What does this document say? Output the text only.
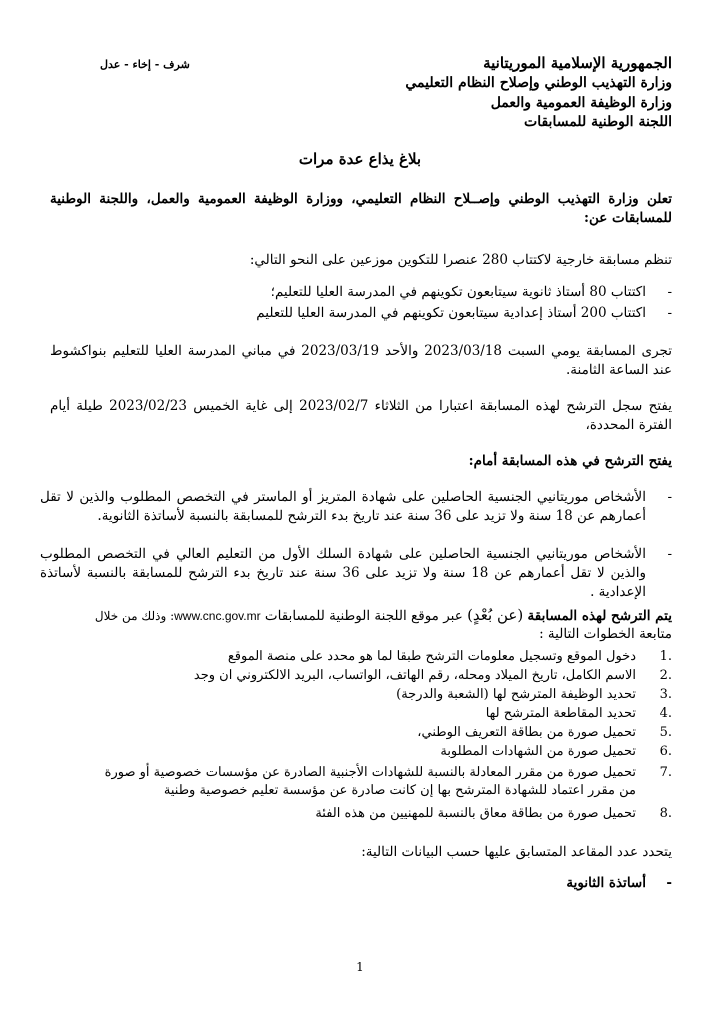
الجمهورية الإسلامية الموريتانية
وزارة التهذيب الوطني وإصلاح النظام التعليمي
وزارة الوظيفة العمومية والعمل
اللجنة الوطنية للمسابقات
شرف - إخاء - عدل
بلاغ يذاع عدة مرات
تعلن وزارة التهذيب الوطني وإصــلاح النظام التعليمي، ووزارة الوظيفة العمومية والعمل، واللجنة الوطنية للمسابقات عن:
تنظم مسابقة خارجية لاكتتاب 280 عنصرا للتكوين موزعين على النحو التالي:
-
اكتتاب 80 أستاذ ثانوية سيتابعون تكوينهم في المدرسة العليا للتعليم؛
-
اكتتاب 200 أستاذ إعدادية سيتابعون تكوينهم في المدرسة العليا للتعليم
تجرى المسابقة يومي السبت 2023/03/18 والأحد 2023/03/19 في مباني المدرسة العليا للتعليم بنواكشوط عند الساعة الثامنة.
يفتح سجل الترشح لهذه المسابقة اعتبارا من الثلاثاء 2023/02/7 إلى غاية الخميس 2023/02/23 طيلة أيام الفترة المحددة،
يفتح الترشح في هذه المسابقة أمام:
-
الأشخاص موريتانيي الجنسية الحاصلين على شهادة المتريز أو الماستر في التخصص المطلوب والذين لا تقل أعمارهم عن 18 سنة ولا تزيد على 36 سنة عند تاريخ بدء الترشح للمسابقة بالنسبة لأساتذة الثانوية.
-
الأشخاص موريتانيي الجنسية الحاصلين على شهادة السلك الأول من التعليم العالي في التخصص المطلوب والذين لا تقل أعمارهم عن 18 سنة ولا تزيد على 36 سنة عند تاريخ بدء الترشح للمسابقة بالنسبة لأساتذة الإعدادية .
يتم الترشح لهذه المسابقة (عن بُعْدٍ) عبر موقع اللجنة الوطنية للمسابقات www.cnc.gov.mr: وذلك من خلال
متابعة الخطوات التالية :
.1
دخول الموقع وتسجيل معلومات الترشح طبقا لما هو محدد على منصة الموقع
.2
الاسم الكامل، تاريخ الميلاد ومحله، رقم الهاتف، الواتساب، البريد الالكتروني ان وجد
.3
تحديد الوظيفة المترشح لها (الشعبة والدرجة)
.4
تحديد المقاطعة المترشح لها
.5
تحميل صورة من بطاقة التعريف الوطني،
.6
تحميل صورة من الشهادات المطلوبة
.7
تحميل صورة من مقرر المعادلة بالنسبة للشهادات الأجنبية الصادرة عن مؤسسات خصوصية أو صورة
من مقرر اعتماد للشهادة المترشح بها إن كانت صادرة عن مؤسسة تعليم خصوصية وطنية
.8
تحميل صورة من بطاقة معاق بالنسبة للمهنيين من هذه الفئة
يتحدد عدد المقاعد المتسابق عليها حسب البيانات التالية:
-
أساتذة الثانوية
1
